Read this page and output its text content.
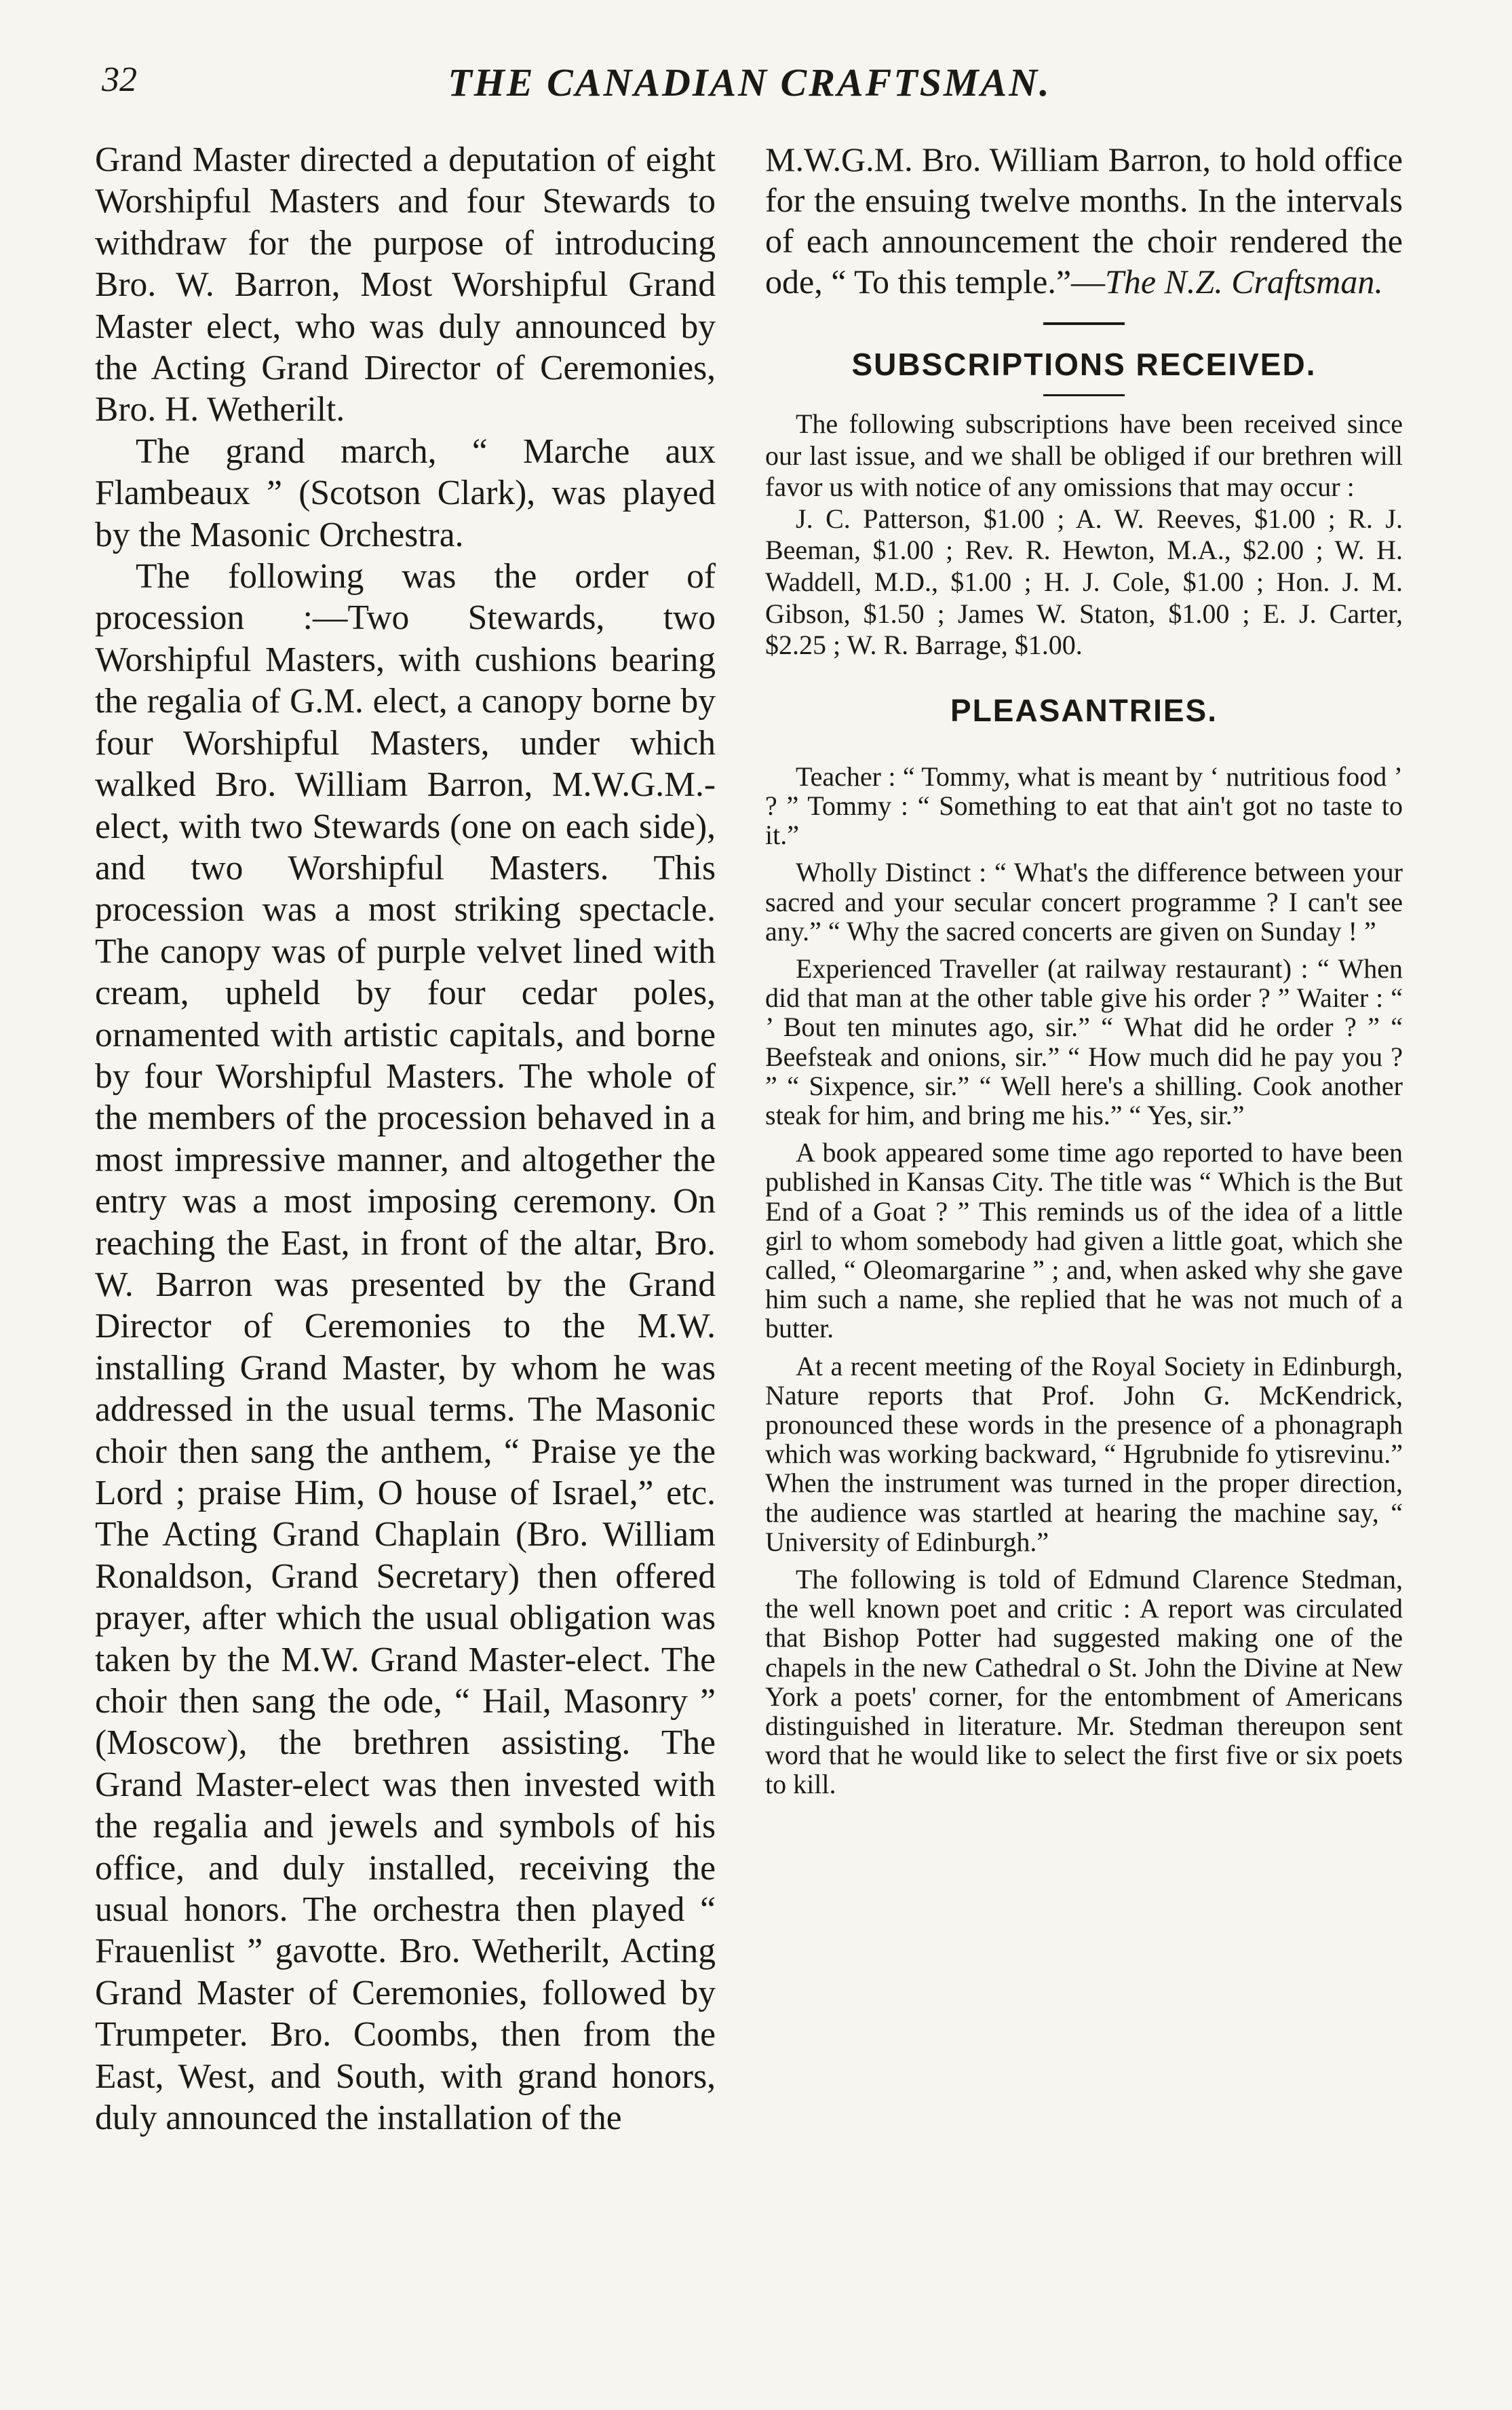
32	THE CANADIAN CRAFTSMAN.

Grand Master directed a deputation of eight Worshipful Masters and four Stewards to withdraw for the purpose of introducing Bro. W. Barron, Most Worshipful Grand Master elect, who was duly announced by the Acting Grand Director of Ceremonies, Bro. H. Wetherilt.

The grand march, “ Marche aux Flambeaux ” (Scotson Clark), was played by the Masonic Orchestra.

The following was the order of procession :—Two Stewards, two Worshipful Masters, with cushions bearing the regalia of G.M. elect, a canopy borne by four Worshipful Masters, under which walked Bro. William Barron, M.W.G.M.-elect, with two Stewards (one on each side), and two Worshipful Masters. This procession was a most striking spectacle. The canopy was of purple velvet lined with cream, upheld by four cedar poles, ornamented with artistic capitals, and borne by four Worshipful Masters. The whole of the members of the procession behaved in a most impressive manner, and altogether the entry was a most imposing ceremony. On reaching the East, in front of the altar, Bro. W. Barron was presented by the Grand Director of Ceremonies to the M.W. installing Grand Master, by whom he was addressed in the usual terms. The Masonic choir then sang the anthem, “ Praise ye the Lord ; praise Him, O house of Israel,” etc. The Acting Grand Chaplain (Bro. William Ronaldson, Grand Secretary) then offered prayer, after which the usual obligation was taken by the M.W. Grand Master-elect. The choir then sang the ode, “ Hail, Masonry ” (Moscow), the brethren assisting. The Grand Master-elect was then invested with the regalia and jewels and symbols of his office, and duly installed, receiving the usual honors. The orchestra then played “ Frauenlist ” gavotte. Bro. Wetherilt, Acting Grand Master of Ceremonies, followed by Trumpeter. Bro. Coombs, then from the East, West, and South, with grand honors, duly announced the installation of the

M.W.G.M. Bro. William Barron, to hold office for the ensuing twelve months. In the intervals of each announcement the choir rendered the ode, “ To this temple.”—The N.Z. Craftsman.

SUBSCRIPTIONS RECEIVED.

The following subscriptions have been received since our last issue, and we shall be obliged if our brethren will favor us with notice of any omissions that may occur :

J. C. Patterson, $1.00 ; A. W. Reeves, $1.00 ; R. J. Beeman, $1.00 ; Rev. R. Hewton, M.A., $2.00 ; W. H. Waddell, M.D., $1.00 ; H. J. Cole, $1.00 ; Hon. J. M. Gibson, $1.50 ; James W. Staton, $1.00 ; E. J. Carter, $2.25 ; W. R. Barrage, $1.00.

PLEASANTRIES.

Teacher : “ Tommy, what is meant by ‘ nutritious food ’ ? ” Tommy : “ Something to eat that ain't got no taste to it.”

Wholly Distinct : “ What's the difference between your sacred and your secular concert programme ? I can't see any.” “ Why the sacred concerts are given on Sunday ! ”

Experienced Traveller (at railway restaurant) : “ When did that man at the other table give his order ? ” Waiter : “ ’ Bout ten minutes ago, sir.” “ What did he order ? ” “ Beefsteak and onions, sir.” “ How much did he pay you ? ” “ Sixpence, sir.” “ Well here's a shilling. Cook another steak for him, and bring me his.” “ Yes, sir.”

A book appeared some time ago reported to have been published in Kansas City. The title was “ Which is the But End of a Goat ? ” This reminds us of the idea of a little girl to whom somebody had given a little goat, which she called, “ Oleomargarine ” ; and, when asked why she gave him such a name, she replied that he was not much of a butter.

At a recent meeting of the Royal Society in Edinburgh, Nature reports that Prof. John G. McKendrick, pronounced these words in the presence of a phonagraph which was working backward, “ Hgrubnide fo ytisrevinu.” When the instrument was turned in the proper direction, the audience was startled at hearing the machine say, “ University of Edinburgh.”

The following is told of Edmund Clarence Stedman, the well known poet and critic : A report was circulated that Bishop Potter had suggested making one of the chapels in the new Cathedral o St. John the Divine at New York a poets' corner, for the entombment of Americans distinguished in literature. Mr. Stedman thereupon sent word that he would like to select the first five or six poets to kill.
